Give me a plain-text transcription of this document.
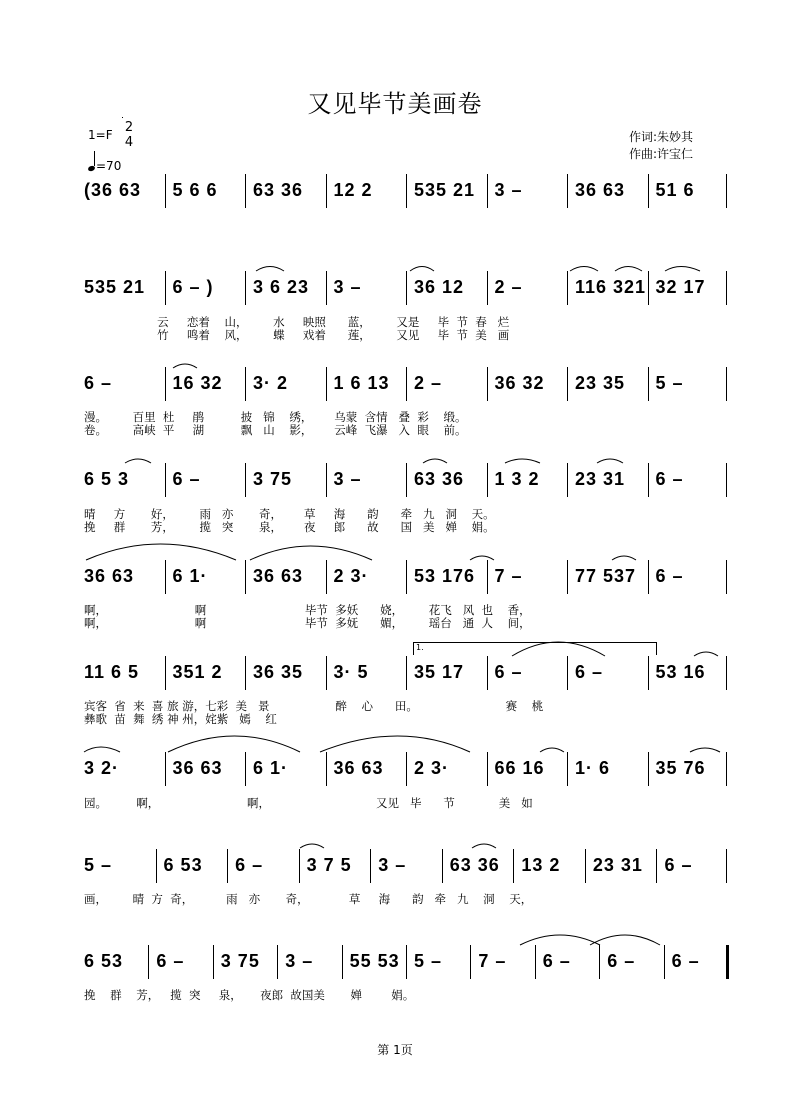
又见毕节美画卷
1=F 2
4
=70
作词:朱妙其
作曲:许宝仁
(36 63 5 6 6 63 36 12 2 535 21 3 –	36 63 51 6
535 21 6 – ) 3 6 23 3 –	36 12 2 –	116 321 32 17
云     恋着    山，       水     映照      蓝，       又是     毕  节  春   烂
竹     鸣着    风，       蝶     戏着      莲，       又见     毕  节  美   画
6 –	16 32 3· 2	1 6 13 2 –	36 32 23 35 5 –
漫。       百里  杜     鹃          披   锦    绣，      乌蒙  含情   叠  彩    缎。
卷。       高峡  平     湖          飘   山    影，      云峰  飞瀑   入  眼    前。
6 5 3 6 –	3 75 3 –	63 36 1 3 2 23 31 6 –
晴     方       好，       雨   亦       奇，      草     海      韵      牵   九   洞    天。
挽     群       芳，       揽   突       泉，      夜     郎      故      国   美   婵    娟。
36 63 6 1·	36 63 2 3·	53 176 7 –	77 537 6 –
啊，                        啊                           毕节  多妖      娆，       花飞   风  也    香，
啊，                        啊                           毕节  多妩      媚，       瑶台   通  人    间，
11 6 5 351 2 36 35 3· 5	35 17 6 –	6 –	53 16
宾客  省  来  喜 旅 游，七彩  美   景                  醉    心      田。                        赛    桃
彝歌  苗  舞  绣 神 州，姹紫   嫣    红
3 2·	36 63 6 1·	36 63 2 3·	66 16 1· 6	35 76
园。        啊，                        啊，                             又见   毕      节            美   如
5 –	6 53 6 – 3 7 5 3 – 63 36 13 2 23 31 6 –
画，       晴  方  奇，         雨   亦       奇，           草     海      韵   牵   九    洞    天，
6 53 6 – 3 75 3 – 55 53 5 – 7 – 6 – 6 – 6 –
挽    群    芳，   揽  突     泉，     夜郎  故国美       婵        娟。
1.
第 1页
